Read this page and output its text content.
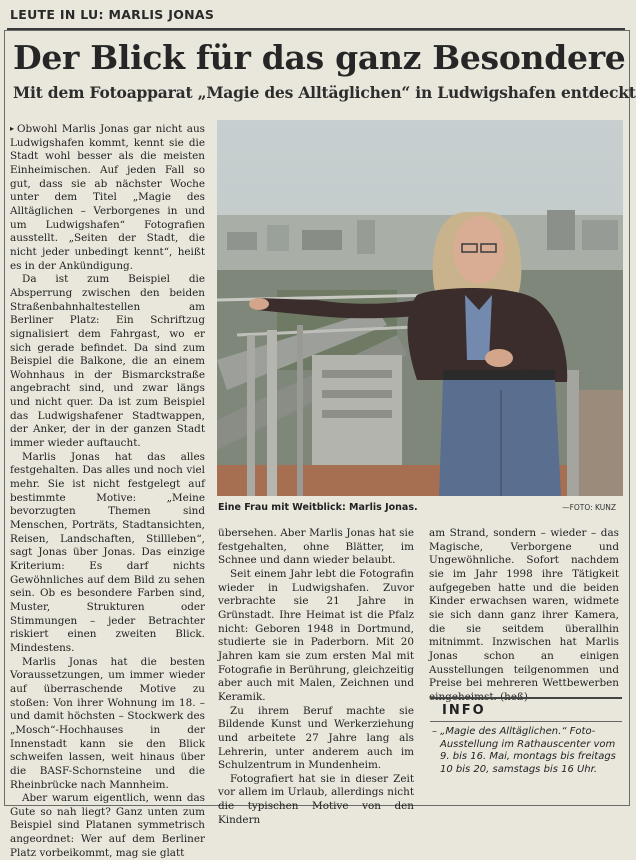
LEUTE IN LU: MARLIS JONAS
Der Blick für das ganz Besondere
Mit dem Fotoapparat „Magie des Alltäglichen“ in Ludwigshafen entdeckt

▸ Obwohl Marlis Jonas gar nicht aus Ludwigshafen kommt, kennt sie die Stadt wohl besser als die meisten Einheimischen. Auf jeden Fall so gut, dass sie ab nächster Woche unter dem Titel „Magie des Alltäglichen – Verborgenes in und um Ludwigshafen“ Fotografien ausstellt. „Seiten der Stadt, die nicht jeder unbedingt kennt“, heißt es in der Ankündigung.

Da ist zum Beispiel die Absperrung zwischen den beiden Straßenbahnhaltestellen am Berliner Platz: Ein Schriftzug signalisiert dem Fahrgast, wo er sich gerade befindet. Da sind zum Beispiel die Balkone, die an einem Wohnhaus in der Bismarckstraße angebracht sind, und zwar längs und nicht quer. Da ist zum Beispiel das Ludwigshafener Stadtwappen, der Anker, der in der ganzen Stadt immer wieder auftaucht.

Marlis Jonas hat das alles festgehalten. Das alles und noch viel mehr. Sie ist nicht festgelegt auf bestimmte Motive: „Meine bevorzugten Themen sind Menschen, Porträts, Stadtansichten, Reisen, Landschaften, Stillleben“, sagt Jonas über Jonas. Das einzige Kriterium: Es darf nichts Gewöhnliches auf dem Bild zu sehen sein. Ob es besondere Farben sind, Muster, Strukturen oder Stimmungen – jeder Betrachter riskiert einen zweiten Blick. Mindestens.

Marlis Jonas hat die besten Voraussetzungen, um immer wieder auf überraschende Motive zu stoßen: Von ihrer Wohnung im 18. – und damit höchsten – Stockwerk des „Mosch“-Hochhauses in der Innenstadt kann sie den Blick schweifen lassen, weit hinaus über die BASF-Schornsteine und die Rheinbrücke nach Mannheim.

Aber warum eigentlich, wenn das Gute so nah liegt? Ganz unten zum Beispiel sind Platanen symmetrisch angeordnet: Wer auf dem Berliner Platz vorbeikommt, mag sie glatt

Eine Frau mit Weitblick: Marlis Jonas.	—FOTO: KUNZ

übersehen. Aber Marlis Jonas hat sie festgehalten, ohne Blätter, im Schnee und dann wieder belaubt.

Seit einem Jahr lebt die Fotografin wieder in Ludwigshafen. Zuvor verbrachte sie 21 Jahre in Grünstadt. Ihre Heimat ist die Pfalz nicht: Geboren 1948 in Dortmund, studierte sie in Paderborn. Mit 20 Jahren kam sie zum ersten Mal mit Fotografie in Berührung, gleichzeitig aber auch mit Malen, Zeichnen und Keramik.

Zu ihrem Beruf machte sie Bildende Kunst und Werkerziehung und arbeitete 27 Jahre lang als Lehrerin, unter anderem auch im Schulzentrum in Mundenheim.

Fotografiert hat sie in dieser Zeit vor allem im Urlaub, allerdings nicht die typischen Motive von den Kindern

am Strand, sondern – wieder – das Magische, Verborgene und Ungewöhnliche. Sofort nachdem sie im Jahr 1998 ihre Tätigkeit aufgegeben hatte und die beiden Kinder erwachsen waren, widmete sie sich dann ganz ihrer Kamera, die sie seitdem überallhin mitnimmt. Inzwischen hat Marlis Jonas schon an einigen Ausstellungen teilgenommen und Preise bei mehreren Wettbewerben

INFO
– „Magie des Alltäglichen.“ Foto-Ausstellung im Rathauscenter vom 9. bis 16. Mai, montags bis freitags 10 bis 20, samstags bis 16 Uhr.
